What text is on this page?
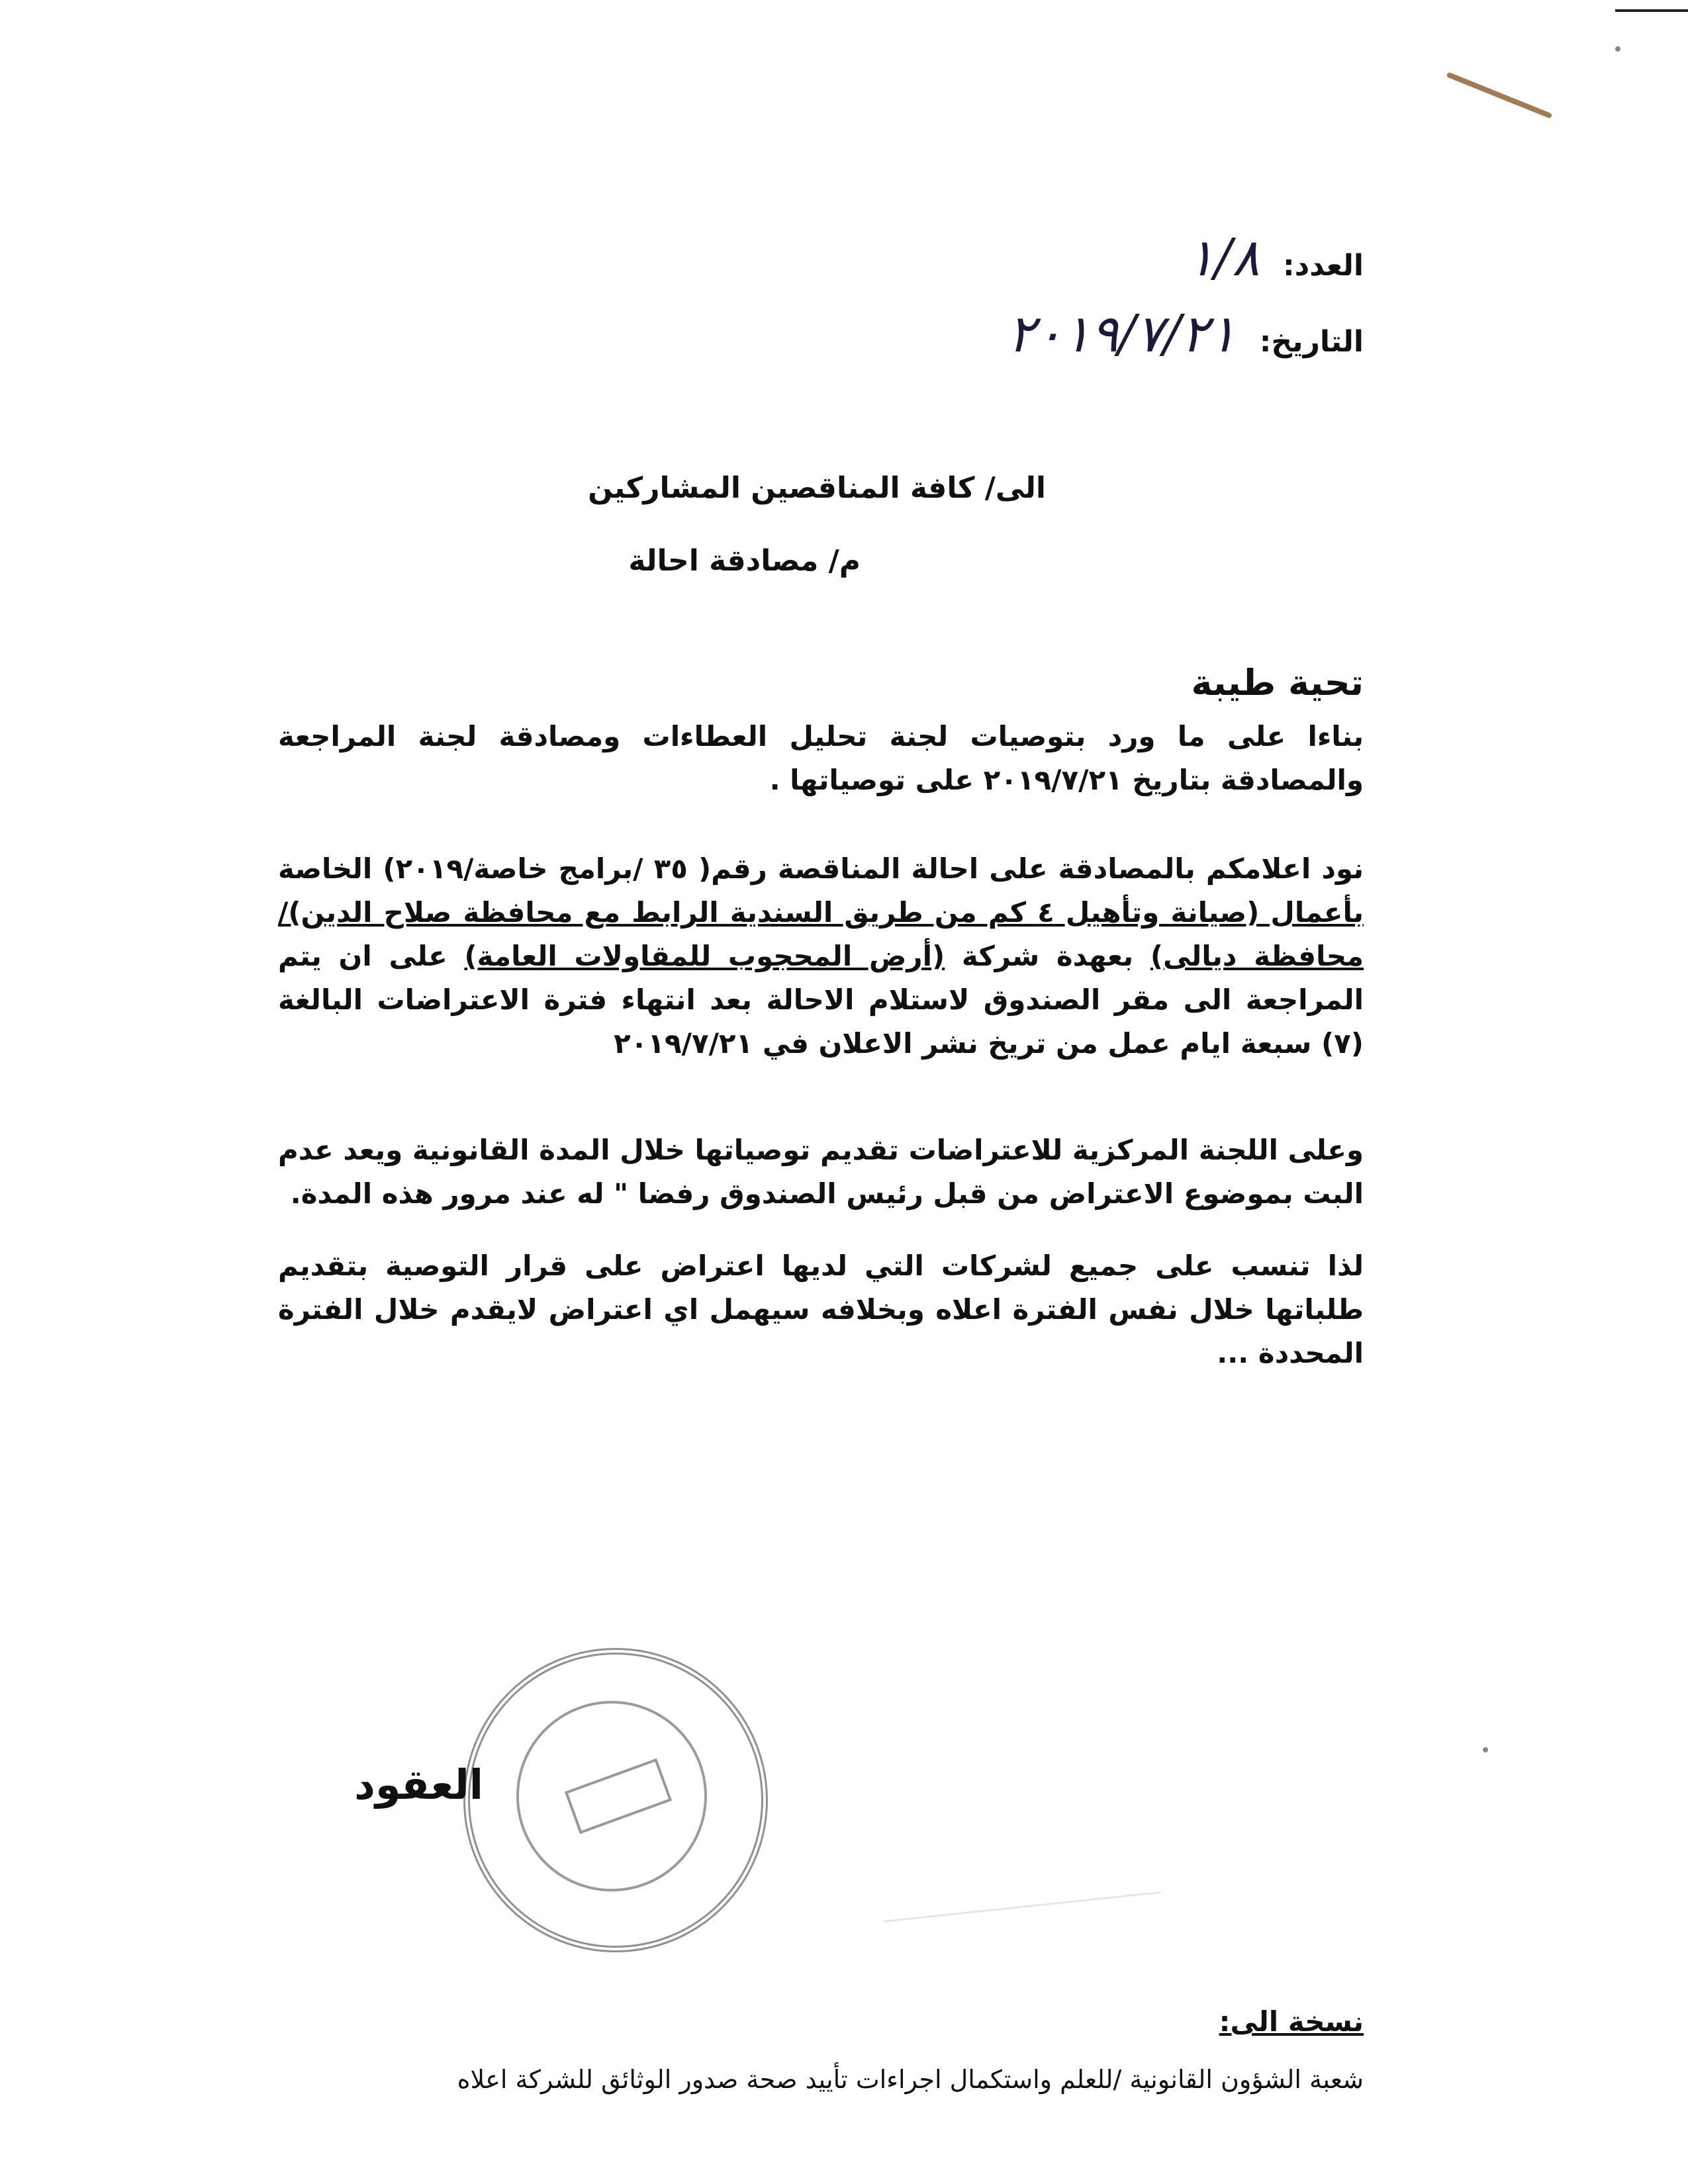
العدد: ١/٨
التاريخ: ٢٠١٩/٧/٢١
الى/ كافة المناقصين المشاركين
م/ مصادقة احالة
تحية طيبة
بناءا على ما ورد بتوصيات لجنة تحليل العطاءات ومصادقة لجنة المراجعة والمصادقة بتاريخ ٢٠١٩/٧/٢١ على توصياتها .
نود اعلامكم بالمصادقة على احالة المناقصة رقم( ٣٥ /برامج خاصة/٢٠١٩) الخاصة بأعمال (صيانة وتأهيل ٤ كم من طريق السندية الرابط مع محافظة صلاح الدين)/محافظة ديالى) بعهدة شركة (أرض المحجوب للمقاولات العامة) على ان يتم المراجعة الى مقر الصندوق لاستلام الاحالة بعد انتهاء فترة الاعتراضات البالغة (٧) سبعة ايام عمل من تريخ نشر الاعلان في ٢٠١٩/٧/٢١
وعلى اللجنة المركزية للاعتراضات تقديم توصياتها خلال المدة القانونية ويعد عدم البت بموضوع الاعتراض من قبل رئيس الصندوق رفضا " له عند مرور هذه المدة.
لذا تنسب على جميع لشركات التي لديها اعتراض على قرار التوصية بتقديم طلباتها خلال نفس الفترة اعلاه وبخلافه سيهمل اي اعتراض لايقدم خلال الفترة المحددة ...
العقود
نسخة الى:
شعبة الشؤون القانونية /للعلم واستكمال اجراءات تأييد صحة صدور الوثائق للشركة اعلاه
